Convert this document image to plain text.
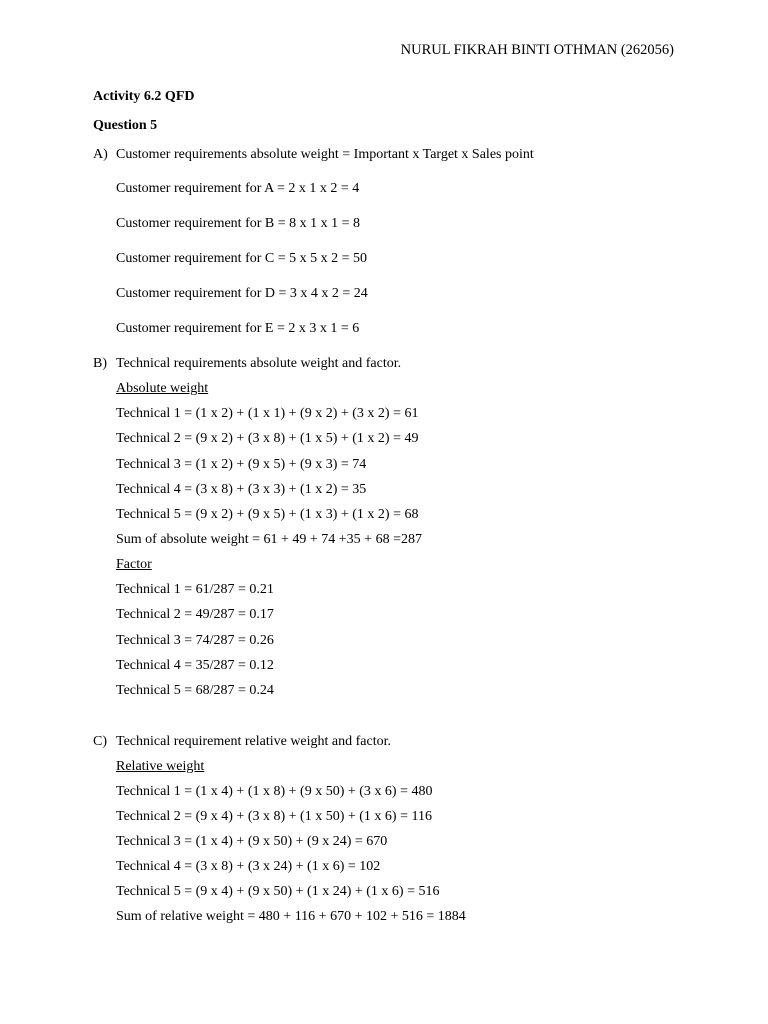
NURUL FIKRAH BINTI OTHMAN (262056)
Activity 6.2 QFD
Question 5
A) Customer requirements absolute weight = Important x Target x Sales point
Customer requirement for A = 2 x 1 x 2 = 4
Customer requirement for B = 8 x 1 x 1 = 8
Customer requirement for C = 5 x 5 x 2 = 50
Customer requirement for D = 3 x 4 x 2 = 24
Customer requirement for E = 2 x 3 x 1 = 6
B) Technical requirements absolute weight and factor.
Absolute weight
Technical 1 = (1 x 2) + (1 x 1) + (9 x 2) + (3 x 2) = 61
Technical 2 = (9 x 2) + (3 x 8) + (1 x 5) + (1 x 2) = 49
Technical 3 = (1 x 2) + (9 x 5) + (9 x 3) = 74
Technical 4 = (3 x 8) + (3 x 3) + (1 x 2) = 35
Technical 5 = (9 x 2) + (9 x 5) + (1 x 3) + (1 x 2) = 68
Sum of absolute weight = 61 + 49 + 74 +35 + 68 =287
Factor
Technical 1 = 61/287 = 0.21
Technical 2 = 49/287 = 0.17
Technical 3 = 74/287 = 0.26
Technical 4 = 35/287 = 0.12
Technical 5 = 68/287 = 0.24
C) Technical requirement relative weight and factor.
Relative weight
Technical 1 = (1 x 4) + (1 x 8) + (9 x 50) + (3 x 6) = 480
Technical 2 = (9 x 4) + (3 x 8) + (1 x 50) + (1 x 6) = 116
Technical 3 = (1 x 4) + (9 x 50) + (9 x 24) = 670
Technical 4 = (3 x 8) + (3 x 24) + (1 x 6) = 102
Technical 5 = (9 x 4) + (9 x 50) + (1 x 24) + (1 x 6) = 516
Sum of relative weight = 480 + 116 + 670 + 102 + 516 = 1884
